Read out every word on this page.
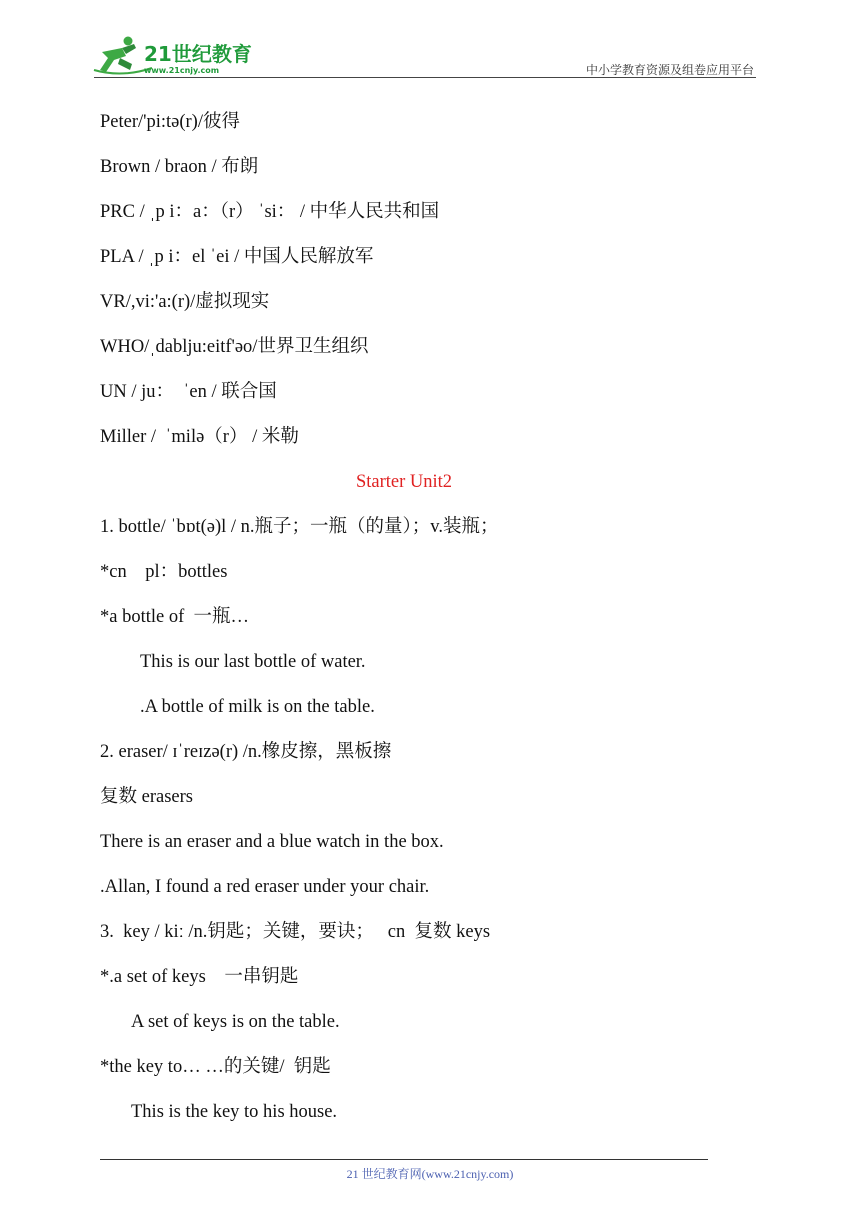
21世纪教育
www.21cnjy.com	中小学教育资源及组卷应用平台
Peter/'pi:tə(r)/彼得
Brown / braon / 布朗
PRC / ˌp i：a：（r） ˈsi： / 中华人民共和国
PLA / ˌp i：el ˈei / 中国人民解放军
VR/,vi:'a:(r)/虚拟现实
WHO/ˌdablju:eitf'əo/世界卫生组织
UN / ju：  ˈen / 联合国
Miller /  ˈmilə（r） / 米勒
Starter Unit2
1. bottle/ ˈbɒt(ə)l / n.瓶子；一瓶（的量）；v.装瓶；
*cn    pl：bottles
*a bottle of  一瓶…
This is our last bottle of water.
.A bottle of milk is on the table.
2. eraser/ ɪˈreɪzə(r) /n.橡皮擦，黑板擦
复数 erasers
There is an eraser and a blue watch in the box.
.Allan, I found a red eraser under your chair.
3.  key / kiː /n.钥匙；关键，要诀；   cn  复数 keys
*.a set of keys    一串钥匙
A set of keys is on the table.
*the key to… …的关键/  钥匙
This is the key to his house.
21 世纪教育网(www.21cnjy.com)
